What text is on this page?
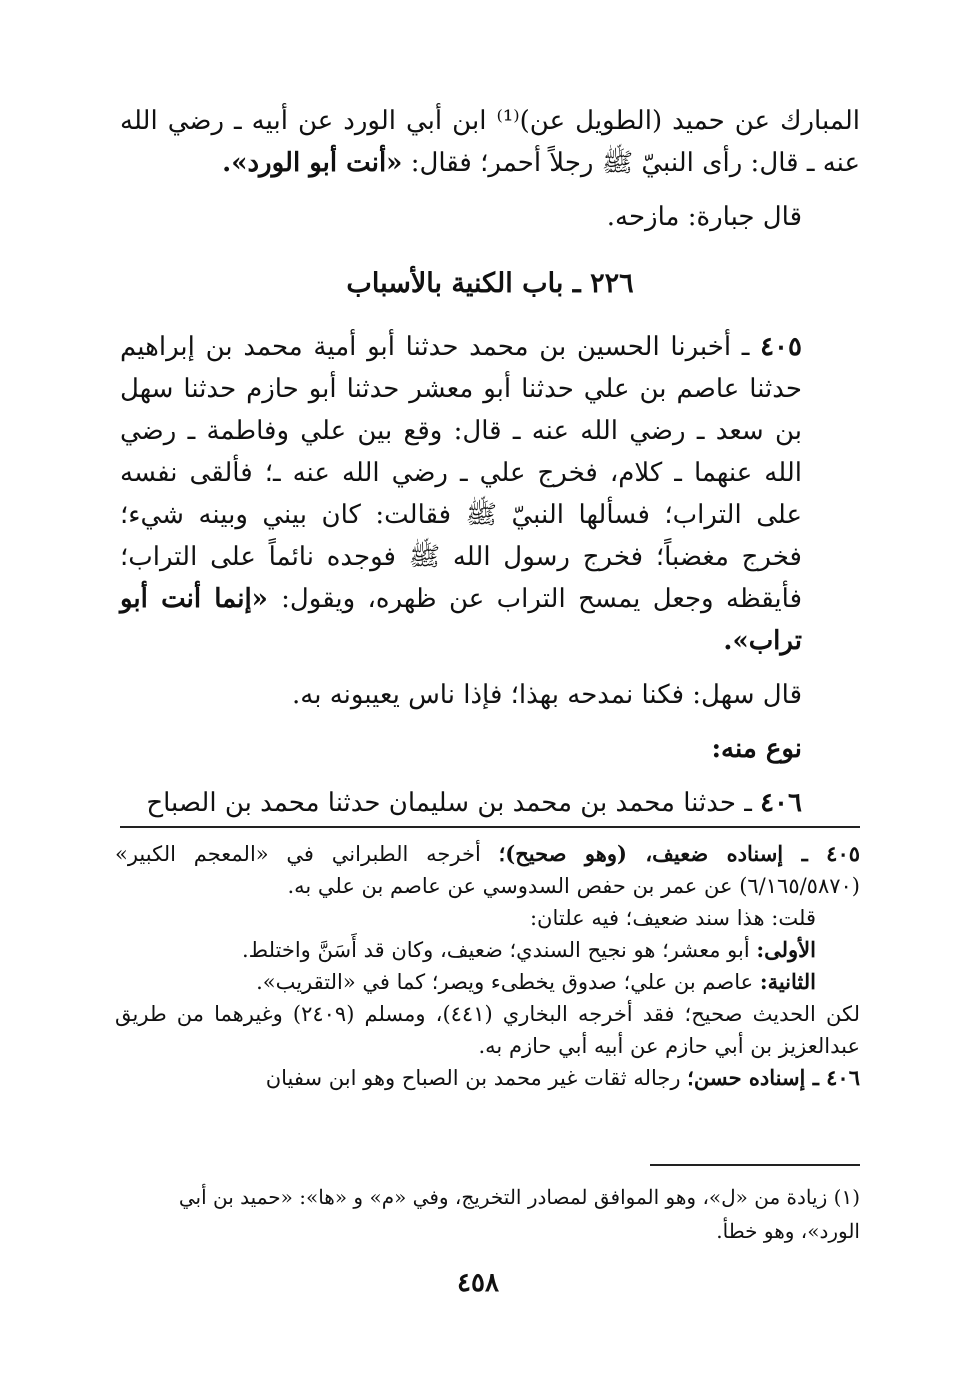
المبارك عن حميد (الطويل عن)⁽¹⁾ ابن أبي الورد عن أبيه ـ رضي الله عنه ـ قال: رأى النبيّ ﷺ رجلاً أحمر؛ فقال: «أنت أبو الورد».

قال جبارة: مازحه.

٢٢٦ ـ باب الكنية بالأسباب

٤٠٥ ـ أخبرنا الحسين بن محمد حدثنا أبو أمية محمد بن إبراهيم حدثنا عاصم بن علي حدثنا أبو معشر حدثنا أبو حازم حدثنا سهل بن سعد ـ رضي الله عنه ـ قال: وقع بين علي وفاطمة ـ رضي الله عنهما ـ كلام، فخرج علي ـ رضي الله عنه ـ؛ فألقى نفسه على التراب؛ فسألها النبيّ ﷺ فقالت: كان بيني وبينه شيء؛ فخرج مغضباً؛ فخرج رسول الله ﷺ فوجده نائماً على التراب؛ فأيقظه وجعل يمسح التراب عن ظهره، ويقول: «إنما أنت أبو تراب».

قال سهل: فكنا نمدحه بهذا؛ فإذا ناس يعيبونه به.

نوع منه:

٤٠٦ ـ حدثنا محمد بن محمد بن سليمان حدثنا محمد بن الصباح

٤٠٥ ـ إسناده ضعيف، (وهو صحيح)؛ أخرجه الطبراني في «المعجم الكبير» (٦/١٦٥/٥٨٧٠) عن عمر بن حفص السدوسي عن عاصم بن علي به.

قلت: هذا سند ضعيف؛ فيه علتان:

الأولى: أبو معشر؛ هو نجيح السندي؛ ضعيف، وكان قد أَسَنَّ واختلط.

الثانية: عاصم بن علي؛ صدوق يخطىء ويصر؛ كما في «التقريب».

لكن الحديث صحيح؛ فقد أخرجه البخاري (٤٤١)، ومسلم (٢٤٠٩) وغيرهما من طريق عبدالعزيز بن أبي حازم عن أبيه أبي حازم به.

٤٠٦ ـ إسناده حسن؛ رجاله ثقات غير محمد بن الصباح وهو ابن سفيان

(١) زيادة من «ل»، وهو الموافق لمصادر التخريج، وفي «م» و «ها»: «حميد بن أبي الورد»، وهو خطأ.

٤٥٨
